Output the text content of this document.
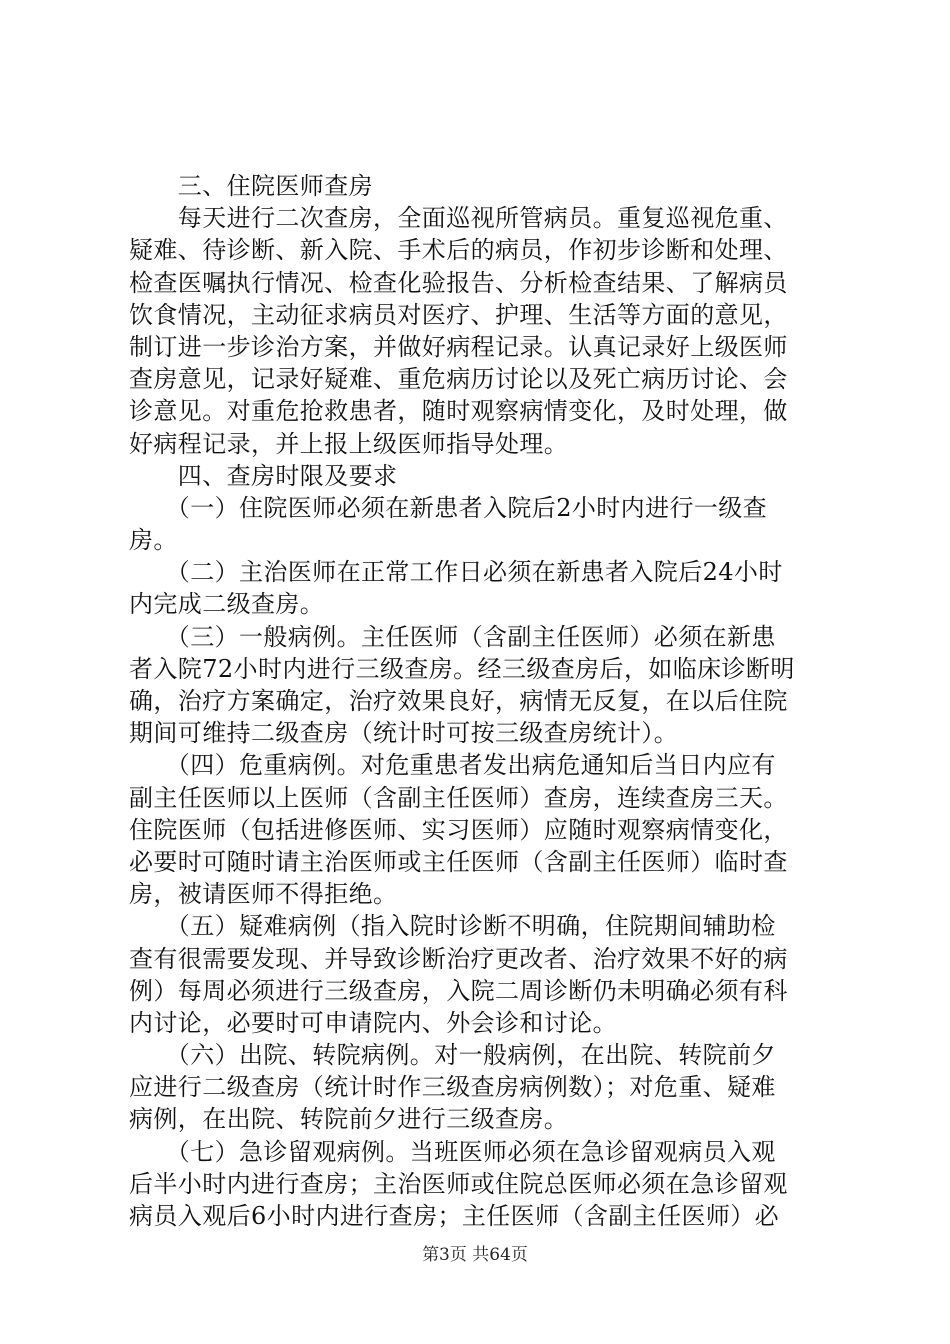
　　三、住院医师查房
　　每天进行二次查房，全面巡视所管病员。重复巡视危重、
疑难、待诊断、新入院、手术后的病员，作初步诊断和处理、
检查医嘱执行情况、检查化验报告、分析检查结果、了解病员
饮食情况，主动征求病员对医疗、护理、生活等方面的意见，
制订进一步诊治方案，并做好病程记录。认真记录好上级医师
查房意见，记录好疑难、重危病历讨论以及死亡病历讨论、会
诊意见。对重危抢救患者，随时观察病情变化，及时处理，做
好病程记录，并上报上级医师指导处理。
　　四、查房时限及要求
　　（一）住院医师必须在新患者入院后2小时内进行一级查
房。
　　（二）主治医师在正常工作日必须在新患者入院后24小时
内完成二级查房。
　　（三）一般病例。主任医师（含副主任医师）必须在新患
者入院72小时内进行三级查房。经三级查房后，如临床诊断明
确，治疗方案确定，治疗效果良好，病情无反复，在以后住院
期间可维持二级查房（统计时可按三级查房统计）。
　　（四）危重病例。对危重患者发出病危通知后当日内应有
副主任医师以上医师（含副主任医师）查房，连续查房三天。
住院医师（包括进修医师、实习医师）应随时观察病情变化，
必要时可随时请主治医师或主任医师（含副主任医师）临时查
房，被请医师不得拒绝。
　　（五）疑难病例（指入院时诊断不明确，住院期间辅助检
查有很需要发现、并导致诊断治疗更改者、治疗效果不好的病
例）每周必须进行三级查房，入院二周诊断仍未明确必须有科
内讨论，必要时可申请院内、外会诊和讨论。
　　（六）出院、转院病例。对一般病例，在出院、转院前夕
应进行二级查房（统计时作三级查房病例数）；对危重、疑难
病例，在出院、转院前夕进行三级查房。
　　（七）急诊留观病例。当班医师必须在急诊留观病员入观
后半小时内进行查房；主治医师或住院总医师必须在急诊留观
病员入观后6小时内进行查房；主任医师（含副主任医师）必
第3页 共64页
